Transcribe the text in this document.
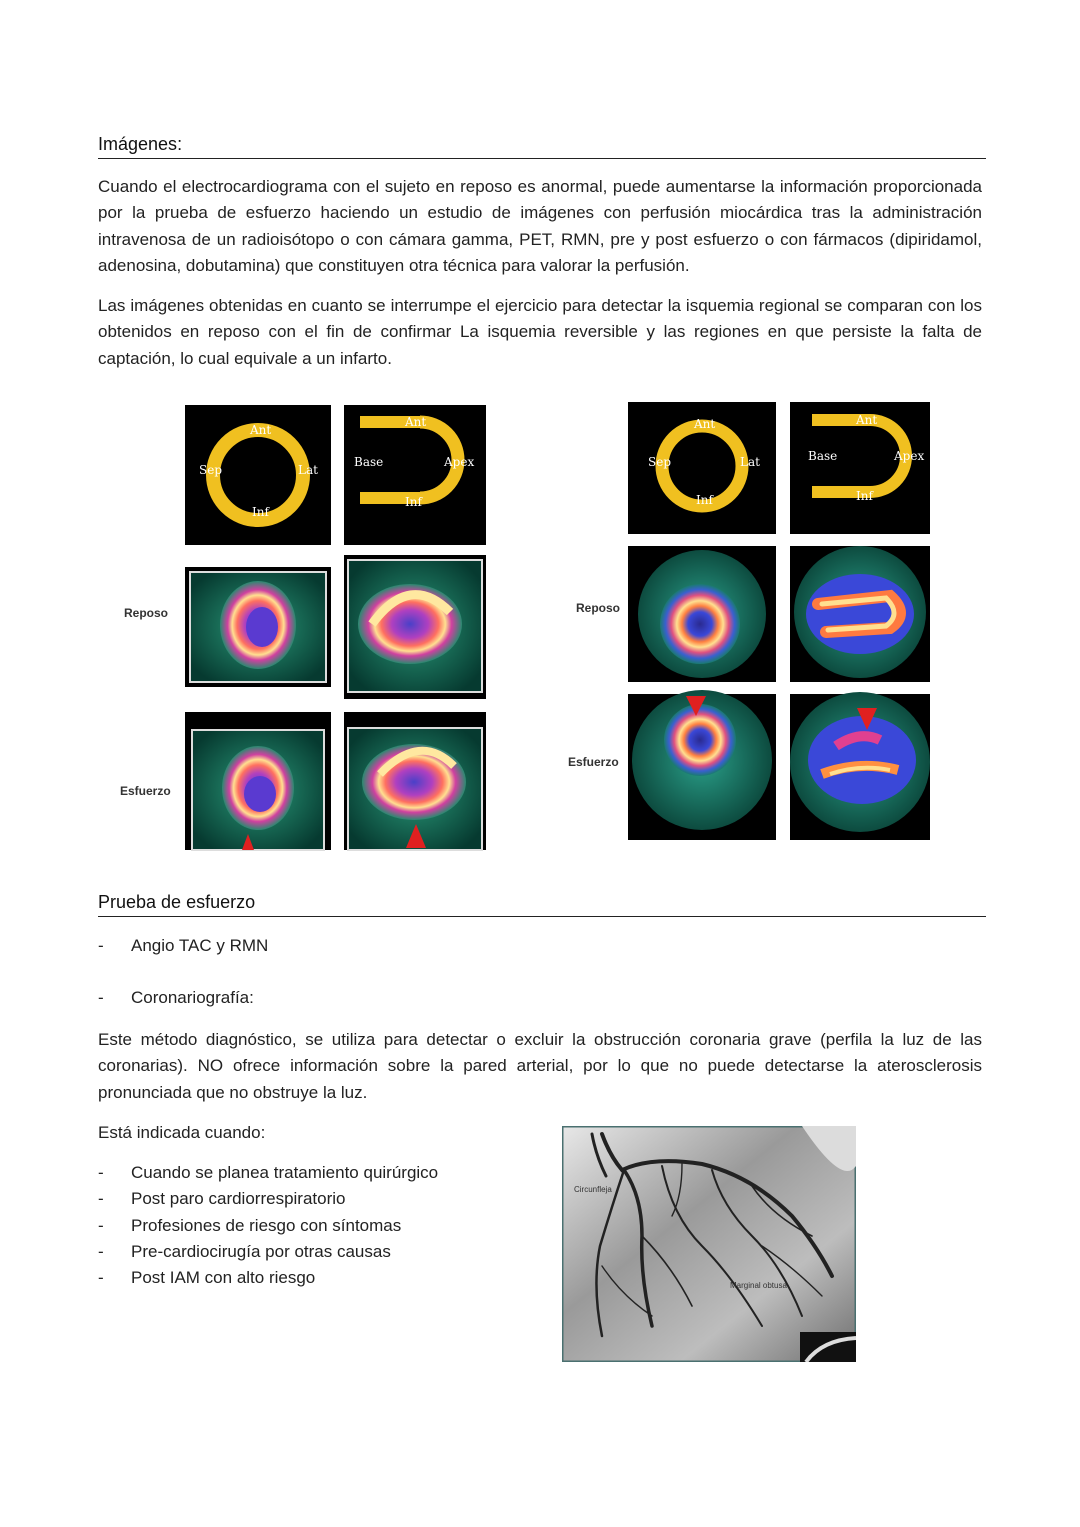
Imágenes:
Cuando el electrocardiograma con el sujeto en reposo es anormal, puede aumentarse la información proporcionada por la prueba de esfuerzo haciendo un estudio de imágenes con perfusión miocárdica tras la administración intravenosa de un radioisótopo o con cámara gamma, PET, RMN, pre y post esfuerzo o con fármacos (dipiridamol, adenosina, dobutamina) que constituyen otra técnica para valorar la perfusión.
Las imágenes obtenidas en cuanto se interrumpe el ejercicio para detectar la isquemia regional se comparan con los obtenidos en reposo con el fin de confirmar La isquemia reversible y las regiones en que persiste la falta de captación, lo cual equivale a un infarto.
Ant
Sep	Lat
Inf
Ant
Base	Apex
Inf
Reposo
Esfuerzo
Ant
Sep	Lat
Inf
Ant
Base	Apex
Inf
Reposo
Esfuerzo
Prueba de esfuerzo
- Angio TAC y RMN
- Coronariografía:
Este método diagnóstico, se utiliza para detectar o excluir la obstrucción coronaria grave (perfila la luz de las coronarias). NO ofrece información sobre la pared arterial, por lo que no puede detectarse la aterosclerosis pronunciada que no obstruye la luz.
Está indicada cuando:
- Cuando se planea tratamiento quirúrgico
- Post paro cardiorrespiratorio
- Profesiones de riesgo con síntomas
- Pre-cardiocirugía por otras causas
- Post IAM con alto riesgo
Circunfleja
Marginal obtusa
